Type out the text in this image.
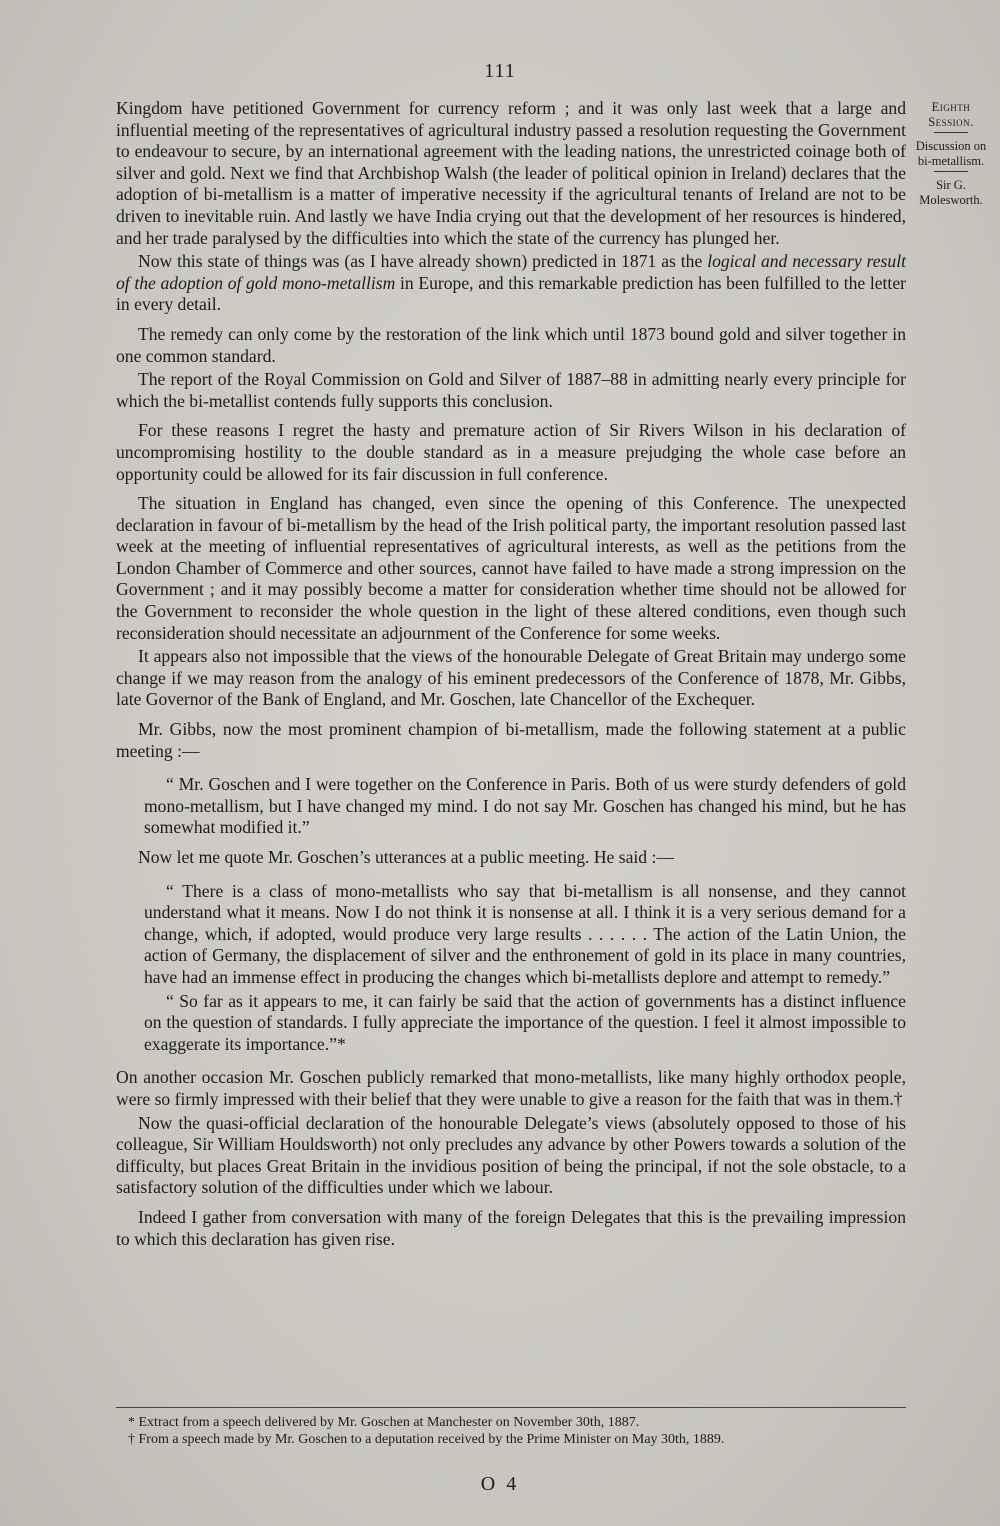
111
Eighth Session.
Discussion on bi-metallism.
Sir G. Molesworth.

Kingdom have petitioned Government for currency reform ; and it was only last week that a large and influential meeting of the representatives of agricultural industry passed a resolution requesting the Government to endeavour to secure, by an international agreement with the leading nations, the unrestricted coinage both of silver and gold. Next we find that Archbishop Walsh (the leader of political opinion in Ireland) declares that the adoption of bi-metallism is a matter of imperative necessity if the agricultural tenants of Ireland are not to be driven to inevitable ruin. And lastly we have India crying out that the development of her resources is hindered, and her trade paralysed by the difficulties into which the state of the currency has plunged her.

Now this state of things was (as I have already shown) predicted in 1871 as the logical and necessary result of the adoption of gold mono-metallism in Europe, and this remarkable prediction has been fulfilled to the letter in every detail.

The remedy can only come by the restoration of the link which until 1873 bound gold and silver together in one common standard.

The report of the Royal Commission on Gold and Silver of 1887–88 in admitting nearly every principle for which the bi-metallist contends fully supports this conclusion.

For these reasons I regret the hasty and premature action of Sir Rivers Wilson in his declaration of uncompromising hostility to the double standard as in a measure prejudging the whole case before an opportunity could be allowed for its fair discussion in full conference.

The situation in England has changed, even since the opening of this Conference. The unexpected declaration in favour of bi-metallism by the head of the Irish political party, the important resolution passed last week at the meeting of influential representatives of agricultural interests, as well as the petitions from the London Chamber of Commerce and other sources, cannot have failed to have made a strong impression on the Government ; and it may possibly become a matter for consideration whether time should not be allowed for the Government to reconsider the whole question in the light of these altered conditions, even though such reconsideration should necessitate an adjournment of the Conference for some weeks.

It appears also not impossible that the views of the honourable Delegate of Great Britain may undergo some change if we may reason from the analogy of his eminent predecessors of the Conference of 1878, Mr. Gibbs, late Governor of the Bank of England, and Mr. Goschen, late Chancellor of the Exchequer.

Mr. Gibbs, now the most prominent champion of bi-metallism, made the following statement at a public meeting :—

“ Mr. Goschen and I were together on the Conference in Paris. Both of us were sturdy defenders of gold mono-metallism, but I have changed my mind. I do not say Mr. Goschen has changed his mind, but he has somewhat modified it.”

Now let me quote Mr. Goschen’s utterances at a public meeting. He said :—

“ There is a class of mono-metallists who say that bi-metallism is all nonsense, and they cannot understand what it means. Now I do not think it is nonsense at all. I think it is a very serious demand for a change, which, if adopted, would produce very large results . . . . . . The action of the Latin Union, the action of Germany, the displacement of silver and the enthronement of gold in its place in many countries, have had an immense effect in producing the changes which bi-metallists deplore and attempt to remedy.”

“ So far as it appears to me, it can fairly be said that the action of governments has a distinct influence on the question of standards. I fully appreciate the importance of the question. I feel it almost impossible to exaggerate its importance.”*

On another occasion Mr. Goschen publicly remarked that mono-metallists, like many highly orthodox people, were so firmly impressed with their belief that they were unable to give a reason for the faith that was in them.†

Now the quasi-official declaration of the honourable Delegate’s views (absolutely opposed to those of his colleague, Sir William Houldsworth) not only precludes any advance by other Powers towards a solution of the difficulty, but places Great Britain in the invidious position of being the principal, if not the sole obstacle, to a satisfactory solution of the difficulties under which we labour.

Indeed I gather from conversation with many of the foreign Delegates that this is the prevailing impression to which this declaration has given rise.

* Extract from a speech delivered by Mr. Goschen at Manchester on November 30th, 1887.

† From a speech made by Mr. Goschen to a deputation received by the Prime Minister on May 30th, 1889.

O 4
